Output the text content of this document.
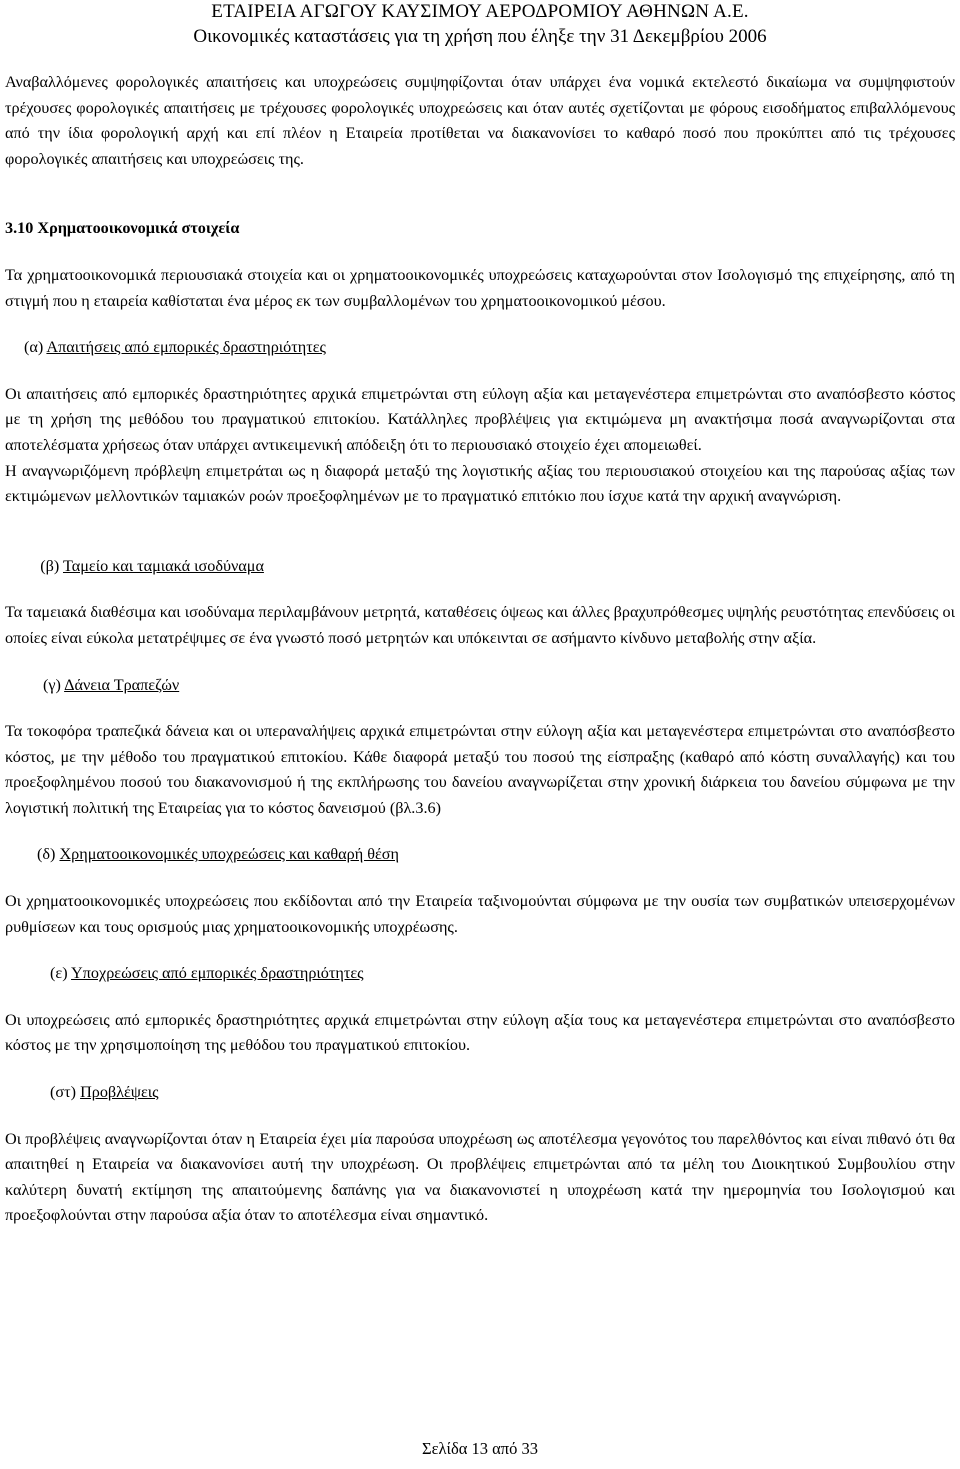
ΕΤΑΙΡΕΙΑ ΑΓΩΓΟΥ ΚΑΥΣΙΜΟΥ ΑΕΡΟΔΡΟΜΙΟΥ ΑΘΗΝΩΝ Α.Ε.
Οικονομικές καταστάσεις για τη χρήση που έληξε την 31 Δεκεμβρίου 2006

Αναβαλλόμενες φορολογικές απαιτήσεις και υποχρεώσεις συμψηφίζονται όταν υπάρχει ένα νομικά εκτελεστό δικαίωμα να συμψηφιστούν τρέχουσες φορολογικές απαιτήσεις με τρέχουσες φορολογικές υποχρεώσεις και όταν αυτές σχετίζονται με φόρους εισοδήματος επιβαλλόμενους από την ίδια φορολογική αρχή και επί πλέον η Εταιρεία προτίθεται να διακανονίσει το καθαρό ποσό που προκύπτει από τις τρέχουσες φορολογικές απαιτήσεις και υποχρεώσεις της.

3.10 Χρηματοοικονομικά στοιχεία

Τα χρηματοοικονομικά περιουσιακά στοιχεία και οι χρηματοοικονομικές υποχρεώσεις καταχωρούνται στον Ισολογισμό της επιχείρησης, από τη στιγμή που η εταιρεία καθίσταται ένα μέρος εκ των συμβαλλομένων του χρηματοοικονομικού μέσου.

(α) Απαιτήσεις από εμπορικές δραστηριότητες

Οι απαιτήσεις από εμπορικές δραστηριότητες αρχικά επιμετρώνται στη εύλογη αξία και μεταγενέστερα επιμετρώνται στο αναπόσβεστο κόστος με τη χρήση της μεθόδου του πραγματικού επιτοκίου. Κατάλληλες προβλέψεις για εκτιμώμενα μη ανακτήσιμα ποσά αναγνωρίζονται στα αποτελέσματα χρήσεως όταν υπάρχει αντικειμενική απόδειξη ότι το περιουσιακό στοιχείο έχει απομειωθεί.

Η αναγνωριζόμενη πρόβλεψη επιμετράται ως η διαφορά μεταξύ της λογιστικής αξίας του περιουσιακού στοιχείου και της παρούσας αξίας των εκτιμώμενων μελλοντικών ταμιακών ροών προεξοφλημένων με το πραγματικό επιτόκιο που ίσχυε κατά την αρχική αναγνώριση.

(β) Ταμείο και ταμιακά ισοδύναμα

Τα ταμειακά διαθέσιμα και ισοδύναμα περιλαμβάνουν μετρητά, καταθέσεις όψεως και άλλες βραχυπρόθεσμες υψηλής ρευστότητας επενδύσεις οι οποίες είναι εύκολα μετατρέψιμες σε ένα γνωστό ποσό μετρητών και υπόκεινται σε ασήμαντο κίνδυνο μεταβολής στην αξία.

(γ) Δάνεια Τραπεζών

Τα τοκοφόρα τραπεζικά δάνεια και οι υπεραναλήψεις αρχικά επιμετρώνται στην εύλογη αξία και μεταγενέστερα επιμετρώνται στο αναπόσβεστο κόστος, με την μέθοδο του πραγματικού επιτοκίου. Κάθε διαφορά μεταξύ του ποσού της είσπραξης (καθαρό από κόστη συναλλαγής) και του προεξοφλημένου ποσού του διακανονισμού ή της εκπλήρωσης του δανείου αναγνωρίζεται στην χρονική διάρκεια του δανείου σύμφωνα με την λογιστική πολιτική της Εταιρείας για το κόστος δανεισμού (βλ.3.6)

(δ) Χρηματοοικονομικές υποχρεώσεις και καθαρή θέση

Οι χρηματοοικονομικές υποχρεώσεις που εκδίδονται από την Εταιρεία ταξινομούνται σύμφωνα με την ουσία των συμβατικών υπεισερχομένων ρυθμίσεων και τους ορισμούς μιας χρηματοοικονομικής υποχρέωσης.

(ε) Υποχρεώσεις από εμπορικές δραστηριότητες

Οι υποχρεώσεις από εμπορικές δραστηριότητες αρχικά επιμετρώνται στην εύλογη αξία τους κα μεταγενέστερα επιμετρώνται στο αναπόσβεστο κόστος με την χρησιμοποίηση της μεθόδου του πραγματικού επιτοκίου.

(στ) Προβλέψεις

Οι προβλέψεις αναγνωρίζονται όταν η Εταιρεία έχει μία παρούσα υποχρέωση ως αποτέλεσμα γεγονότος του παρελθόντος και είναι πιθανό ότι θα απαιτηθεί η Εταιρεία να διακανονίσει αυτή την υποχρέωση. Οι προβλέψεις επιμετρώνται από τα μέλη του Διοικητικού Συμβουλίου στην καλύτερη δυνατή εκτίμηση της απαιτούμενης δαπάνης για να διακανονιστεί η υποχρέωση κατά την ημερομηνία του Ισολογισμού και προεξοφλούνται στην παρούσα αξία όταν το αποτέλεσμα είναι σημαντικό.

Σελίδα 13 από 33
